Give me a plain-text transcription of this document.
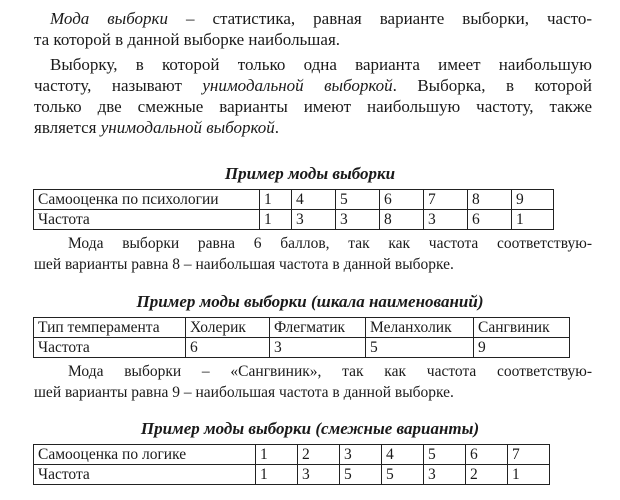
Мода выборки – статистика, равная варианте выборки, часто-
та которой в данной выборке наибольшая.
Выборку, в которой только одна варианта имеет наибольшую
частоту, называют унимодальной выборкой. Выборка, в которой
только две смежные варианты имеют наибольшую частоту, также
является унимодальной выборкой.
Пример моды выборки
Самооценка по психологии	1	4	5	6	7	8	9
Частота	1	3	3	8	3	6	1
Мода выборки равна 6 баллов, так как частота соответствую-
шей варианты равна 8 – наибольшая частота в данной выборке.
Пример моды выборки (шкала наименований)
Тип темперамента	Холерик	Флегматик	Меланхолик	Сангвиник
Частота	6	3	5	9
Мода выборки – «Сангвиник», так как частота соответствую-
шей варианты равна 9 – наибольшая частота в данной выборке.
Пример моды выборки (смежные варианты)
Самооценка по логике	1	2	3	4	5	6	7
Частота	1	3	5	5	3	2	1
